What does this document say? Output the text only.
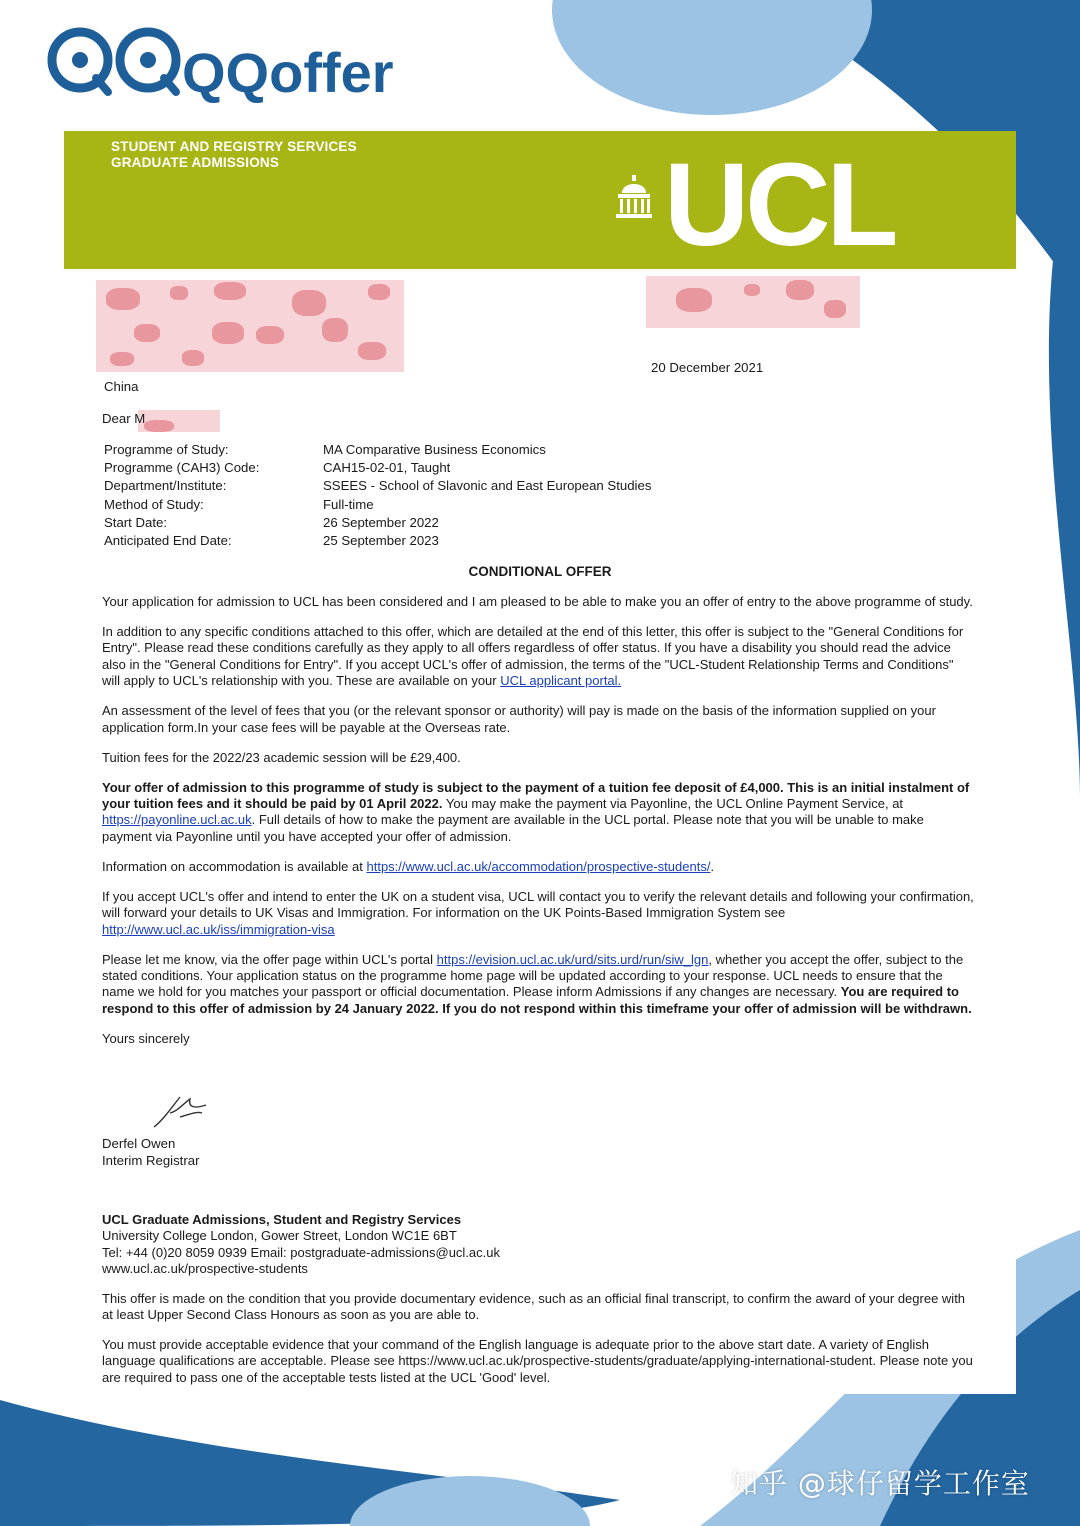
QQoffer
STUDENT AND REGISTRY SERVICES
GRADUATE ADMISSIONS	UCL
20 December 2021
China
Dear M
Programme of Study:	MA Comparative Business Economics
Programme (CAH3) Code:	CAH15-02-01, Taught
Department/Institute:	SSEES - School of Slavonic and East European Studies
Method of Study:	Full-time
Start Date:	26 September 2022
Anticipated End Date:	25 September 2023
CONDITIONAL OFFER

Your application for admission to UCL has been considered and I am pleased to be able to make you an offer of entry to the above programme of study.

In addition to any specific conditions attached to this offer, which are detailed at the end of this letter, this offer is subject to the "General Conditions for Entry". Please read these conditions carefully as they apply to all offers regardless of offer status. If you have a disability you should read the advice also in the "General Conditions for Entry". If you accept UCL's offer of admission, the terms of the "UCL-Student Relationship Terms and Conditions" will apply to UCL's relationship with you. These are available on your UCL applicant portal.

An assessment of the level of fees that you (or the relevant sponsor or authority) will pay is made on the basis of the information supplied on your application form.In your case fees will be payable at the Overseas rate.

Tuition fees for the 2022/23 academic session will be £29,400.

Your offer of admission to this programme of study is subject to the payment of a tuition fee deposit of £4,000. This is an initial instalment of your tuition fees and it should be paid by 01 April 2022. You may make the payment via Payonline, the UCL Online Payment Service, at https://payonline.ucl.ac.uk. Full details of how to make the payment are available in the UCL portal. Please note that you will be unable to make payment via Payonline until you have accepted your offer of admission.

Information on accommodation is available at https://www.ucl.ac.uk/accommodation/prospective-students/.

If you accept UCL's offer and intend to enter the UK on a student visa, UCL will contact you to verify the relevant details and following your confirmation, will forward your details to UK Visas and Immigration. For information on the UK Points-Based Immigration System see http://www.ucl.ac.uk/iss/immigration-visa

Please let me know, via the offer page within UCL's portal https://evision.ucl.ac.uk/urd/sits.urd/run/siw_lgn, whether you accept the offer, subject to the stated conditions. Your application status on the programme home page will be updated according to your response. UCL needs to ensure that the name we hold for you matches your passport or official documentation. Please inform Admissions if any changes are necessary. You are required to respond to this offer of admission by 24 January 2022. If you do not respond within this timeframe your offer of admission will be withdrawn.

Yours sincerely

Derfel Owen
Interim Registrar
UCL Graduate Admissions, Student and Registry Services
University College London, Gower Street, London WC1E 6BT
Tel: +44 (0)20 8059 0939 Email: postgraduate-admissions@ucl.ac.uk
www.ucl.ac.uk/prospective-students

This offer is made on the condition that you provide documentary evidence, such as an official final transcript, to confirm the award of your degree with at least Upper Second Class Honours as soon as you are able to.

You must provide acceptable evidence that your command of the English language is adequate prior to the above start date. A variety of English language qualifications are acceptable. Please see https://www.ucl.ac.uk/prospective-students/graduate/applying-international-student. Please note you are required to pass one of the acceptable tests listed at the UCL 'Good' level.

知乎 @球仔留学工作室
